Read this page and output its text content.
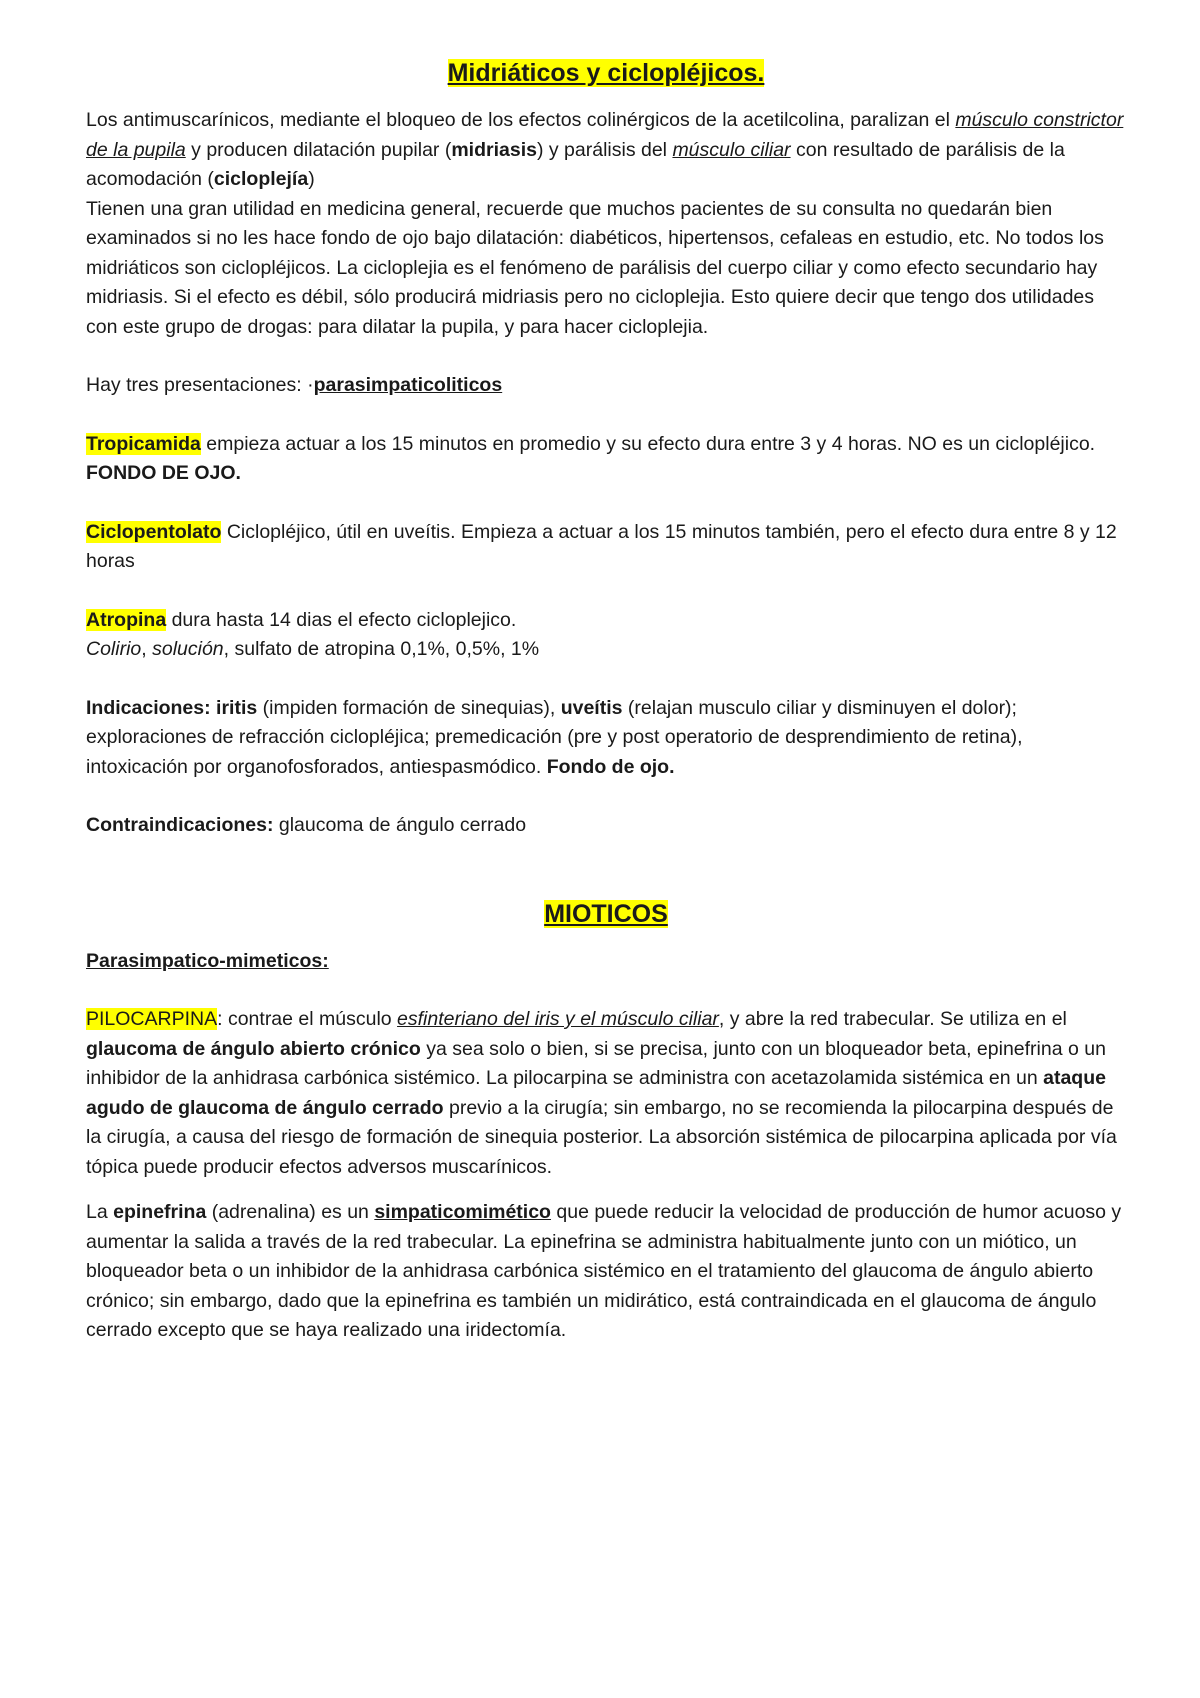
Midriáticos y ciclopléjicos.

Los antimuscarínicos, mediante el bloqueo de los efectos colinérgicos de la acetilcolina, paralizan el músculo constrictor de la pupila y producen dilatación pupilar (midriasis) y parálisis del músculo ciliar con resultado de parálisis de la acomodación (cicloplejía)

Tienen una gran utilidad en medicina general, recuerde que muchos pacientes de su consulta no quedarán bien examinados si no les hace fondo de ojo bajo dilatación: diabéticos, hipertensos, cefaleas en estudio, etc. No todos los midriáticos son ciclopléjicos. La cicloplejia es el fenómeno de parálisis del cuerpo ciliar y como efecto secundario hay midriasis. Si el efecto es débil, sólo producirá midriasis pero no cicloplejia. Esto quiere decir que tengo dos utilidades con este grupo de drogas: para dilatar la pupila, y para hacer cicloplejia.

Hay tres presentaciones: ·parasimpaticoliticos

Tropicamida empieza actuar a los 15 minutos en promedio y su efecto dura entre 3 y 4 horas. NO es un ciclopléjico. FONDO DE OJO.

Ciclopentolato Ciclopléjico, útil en uveítis. Empieza a actuar a los 15 minutos también, pero el efecto dura entre 8 y 12 horas

Atropina dura hasta 14 dias el efecto cicloplejico.
Colirio, solución, sulfato de atropina 0,1%, 0,5%, 1%

Indicaciones: iritis (impiden formación de sinequias), uveítis (relajan musculo ciliar y disminuyen el dolor); exploraciones de refracción ciclopléjica; premedicación (pre y post operatorio de desprendimiento de retina), intoxicación por organofosforados, antiespasmódico. Fondo de ojo.

Contraindicaciones: glaucoma de ángulo cerrado

MIOTICOS

Parasimpatico-mimeticos:

PILOCARPINA: contrae el músculo esfinteriano del iris y el músculo ciliar, y abre la red trabecular. Se utiliza en el glaucoma de ángulo abierto crónico ya sea solo o bien, si se precisa, junto con un bloqueador beta, epinefrina o un inhibidor de la anhidrasa carbónica sistémico. La pilocarpina se administra con acetazolamida sistémica en un ataque agudo de glaucoma de ángulo cerrado previo a la cirugía; sin embargo, no se recomienda la pilocarpina después de la cirugía, a causa del riesgo de formación de sinequia posterior. La absorción sistémica de pilocarpina aplicada por vía tópica puede producir efectos adversos muscarínicos.

La epinefrina (adrenalina) es un simpaticomimético que puede reducir la velocidad de producción de humor acuoso y aumentar la salida a través de la red trabecular. La epinefrina se administra habitualmente junto con un miótico, un bloqueador beta o un inhibidor de la anhidrasa carbónica sistémico en el tratamiento del glaucoma de ángulo abierto crónico; sin embargo, dado que la epinefrina es también un midirático, está contraindicada en el glaucoma de ángulo cerrado excepto que se haya realizado una iridectomía.
